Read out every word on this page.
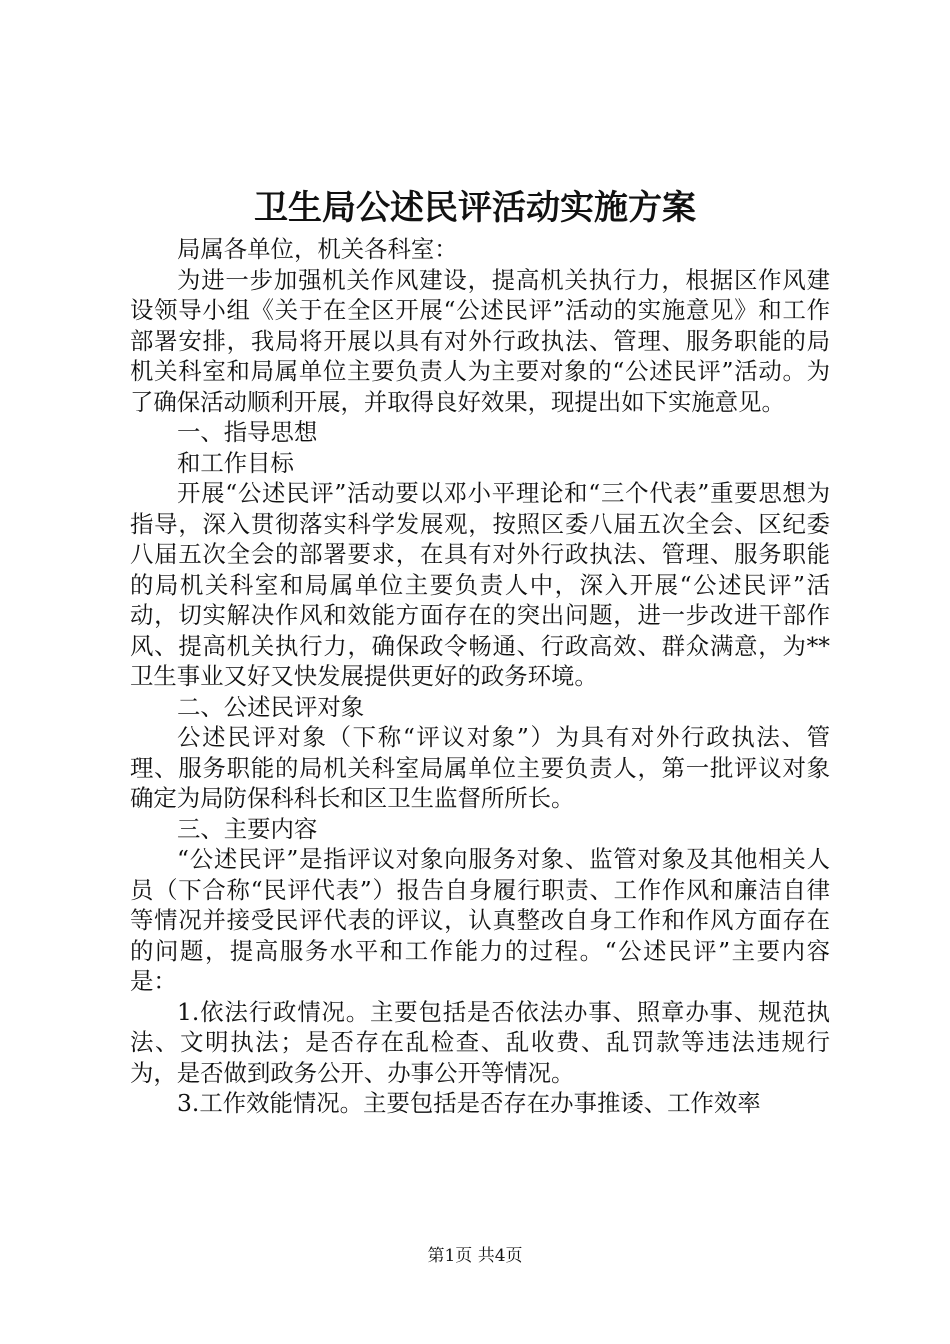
卫生局公述民评活动实施方案

局属各单位，机关各科室：

为进一步加强机关作风建设，提高机关执行力，根据区作风建设领导小组《关于在全区开展“公述民评”活动的实施意见》和工作部署安排，我局将开展以具有对外行政执法、管理、服务职能的局机关科室和局属单位主要负责人为主要对象的“公述民评”活动。为了确保活动顺利开展，并取得良好效果，现提出如下实施意见。

一、指导思想

和工作目标

开展“公述民评”活动要以邓小平理论和“三个代表”重要思想为指导，深入贯彻落实科学发展观，按照区委八届五次全会、区纪委八届五次全会的部署要求，在具有对外行政执法、管理、服务职能的局机关科室和局属单位主要负责人中，深入开展“公述民评”活动，切实解决作风和效能方面存在的突出问题，进一步改进干部作风、提高机关执行力，确保政令畅通、行政高效、群众满意，为**卫生事业又好又快发展提供更好的政务环境。

二、公述民评对象

公述民评对象（下称“评议对象”）为具有对外行政执法、管理、服务职能的局机关科室局属单位主要负责人，第一批评议对象确定为局防保科科长和区卫生监督所所长。

三、主要内容

“公述民评”是指评议对象向服务对象、监管对象及其他相关人员（下合称“民评代表”）报告自身履行职责、工作作风和廉洁自律等情况并接受民评代表的评议，认真整改自身工作和作风方面存在的问题，提高服务水平和工作能力的过程。“公述民评”主要内容是：

1.依法行政情况。主要包括是否依法办事、照章办事、规范执法、文明执法；是否存在乱检查、乱收费、乱罚款等违法违规行为，是否做到政务公开、办事公开等情况。

3.工作效能情况。主要包括是否存在办事推诿、工作效率

第1页 共4页
